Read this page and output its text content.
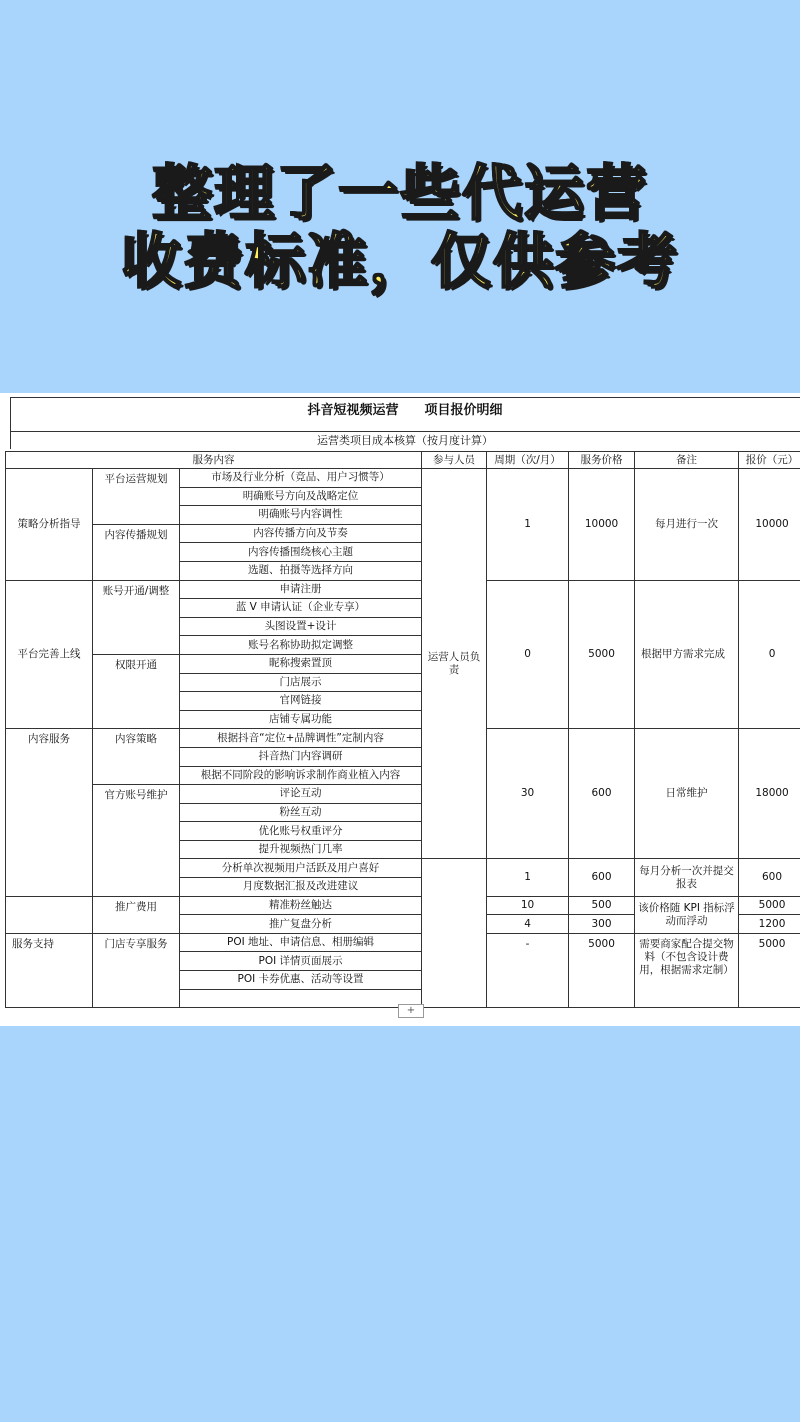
整理了一些代运营
收费标准，仅供参考
抖音短视频运营　　项目报价明细
运营类项目成本核算（按月度计算）
服务内容			参与人员	周期（次/月）	服务价格	备注	报价（元）
策略分析指导	平台运营规划	市场及行业分析（竞品、用户习惯等）	运营人员负责	1	10000	每月进行一次	10000
		明确账号方向及战略定位					
		明确账号内容调性					
	内容传播规划	内容传播方向及节奏					
		内容传播围绕核心主题					
		选题、拍摄等选择方向					
平台完善上线	账号开通/调整	申请注册		0	5000	根据甲方需求完成	0
		蓝 V 申请认证（企业专享）					
		头图设置+设计					
		账号名称协助拟定调整					
	权限开通	昵称搜索置顶					
		门店展示					
		官网链接					
		店铺专属功能					
内容服务	内容策略	根据抖音“定位+品牌调性”定制内容		30	600	日常维护	18000
		抖音热门内容调研					
		根据不同阶段的影响诉求制作商业植入内容					
	官方账号维护	评论互动					
		粉丝互动					
		优化账号权重评分					
		提升视频热门几率					
		分析单次视频用户活跃及用户喜好		1	600	每月分析一次并提交报表	600
		月度数据汇报及改进建议					
	推广费用	精准粉丝触达		10	500	该价格随 KPI 指标浮动而浮动	5000
		推广复盘分析		4	300		1200
服务支持	门店专享服务	POI 地址、申请信息、相册编辑		-	5000	需要商家配合提交物料（不包含设计费用，根据需求定制）	5000
		POI 详情页面展示					
		POI 卡券优惠、活动等设置					

+
